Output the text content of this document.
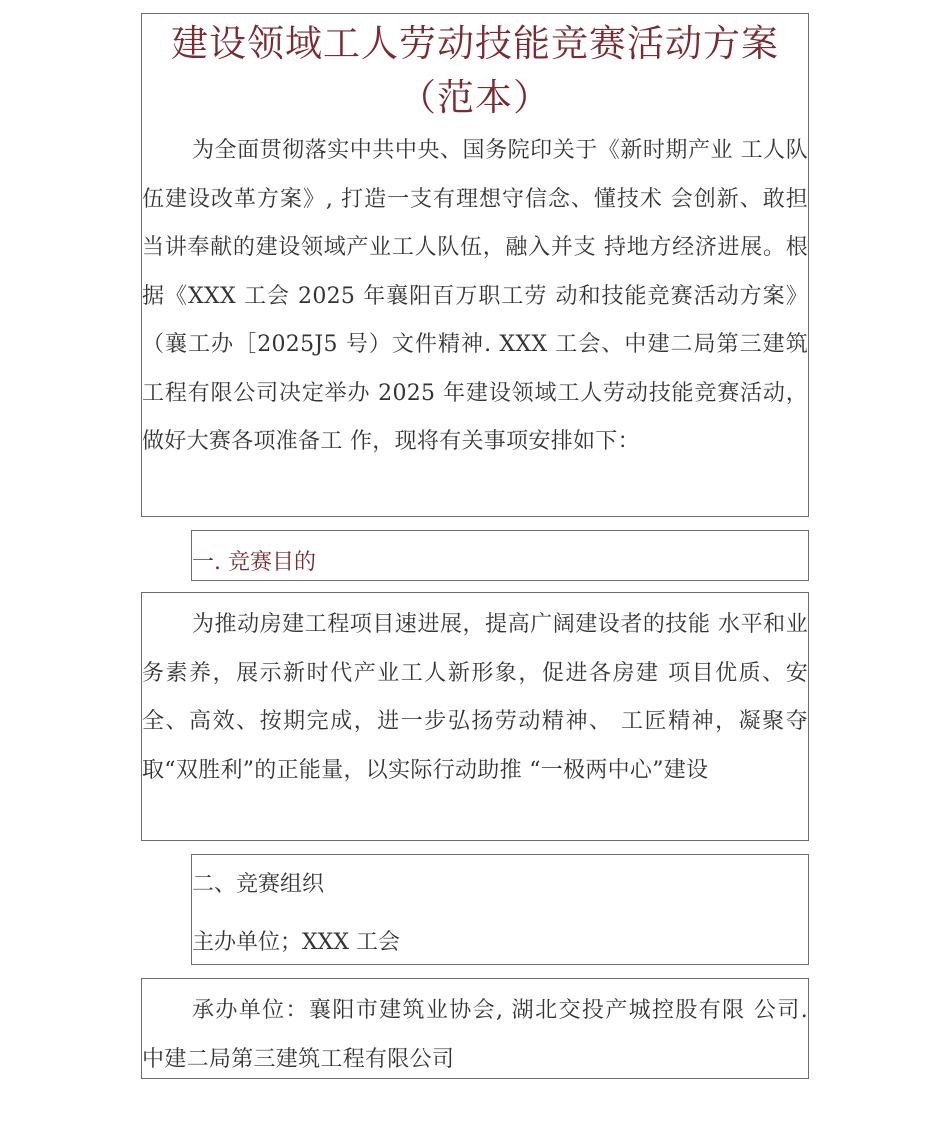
建设领域工人劳动技能竞赛活动方案

（范本）

为全面贯彻落实中共中央、国务院印关于《新时期产业 工人队伍建设改革方案》, 打造一支有理想守信念、懂技术 会创新、敢担当讲奉献的建设领域产业工人队伍，融入并支 持地方经济进展。根据《XXX 工会 2025 年襄阳百万职工劳 动和技能竞赛活动方案》（襄工办［2025J5 号）文件精神. XXX 工会、中建二局第三建筑工程有限公司决定举办 2025 年建设领域工人劳动技能竞赛活动，做好大赛各项准备工 作，现将有关事项安排如下：

一. 竞赛目的

为推动房建工程项目速进展，提高广阔建设者的技能 水平和业务素养，展示新时代产业工人新形象，促进各房建 项目优质、安全、高效、按期完成，进一步弘扬劳动精神、 工匠精神，凝聚夺取“双胜利”的正能量，以实际行动助推 “一极两中心”建设

二、竞赛组织

主办单位；XXX 工会

承办单位：襄阳市建筑业协会, 湖北交投产城控股有限 公司. 中建二局第三建筑工程有限公司
